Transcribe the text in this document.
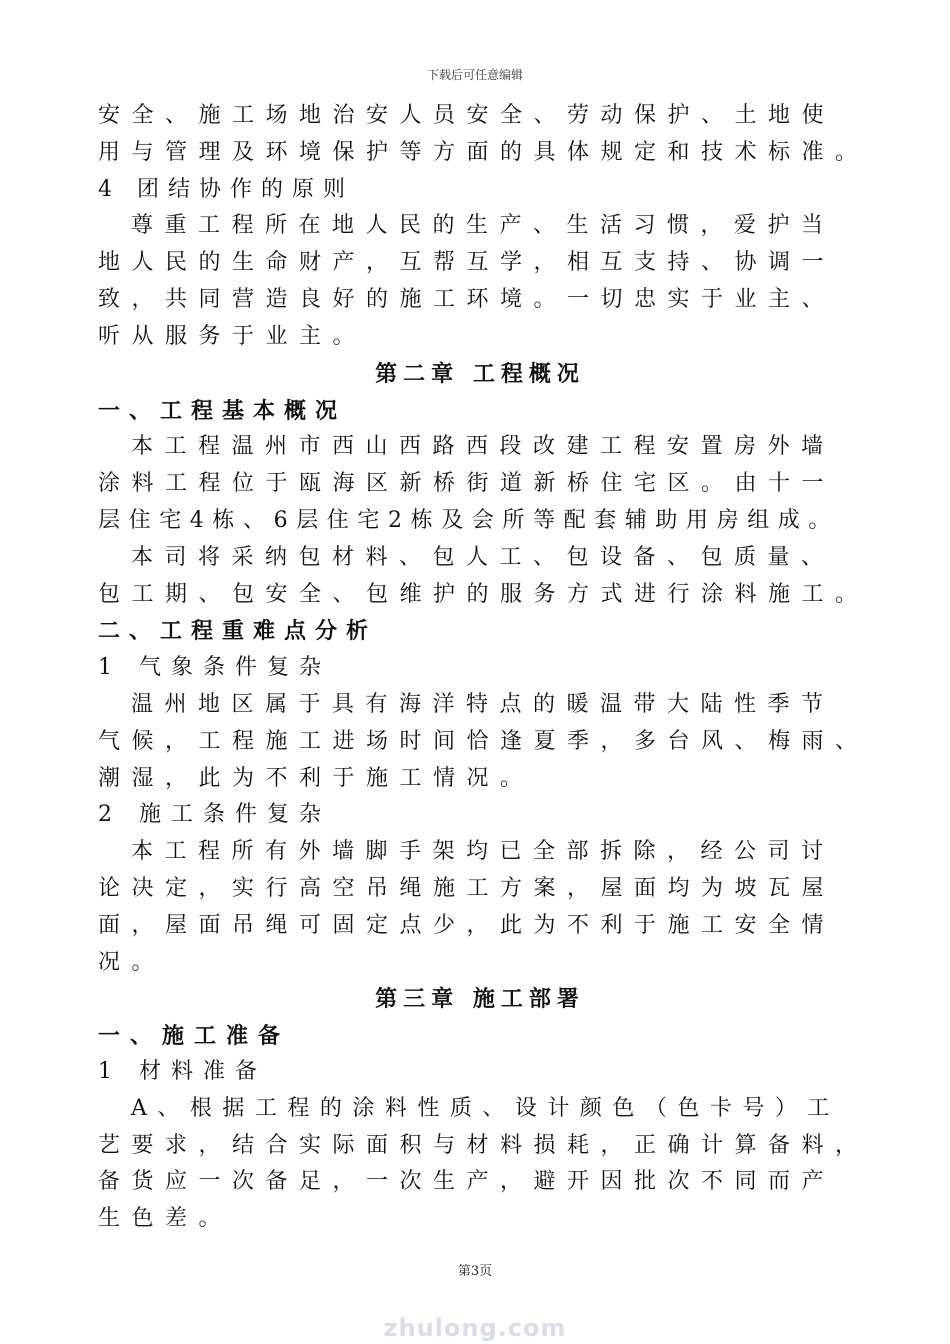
下载后可任意编辑
安全、施工场地治安人员安全、劳动保护、土地使
用与管理及环境保护等方面的具体规定和技术标准。
4 团结协作的原则
尊重工程所在地人民的生产、生活习惯，爱护当
地人民的生命财产，互帮互学，相互支持、协调一
致，共同营造良好的施工环境。一切忠实于业主、
听从服务于业主。
第二章 工程概况
一、工程基本概况
本工程温州市西山西路西段改建工程安置房外墙
涂料工程位于瓯海区新桥街道新桥住宅区。由十一
层住宅4栋、6层住宅2栋及会所等配套辅助用房组成。
本司将采纳包材料、包人工、包设备、包质量、
包工期、包安全、包维护的服务方式进行涂料施工。
二、工程重难点分析
1 气象条件复杂
温州地区属于具有海洋特点的暖温带大陆性季节
气候，工程施工进场时间恰逢夏季，多台风、梅雨、
潮湿，此为不利于施工情况。
2 施工条件复杂
本工程所有外墙脚手架均已全部拆除，经公司讨
论决定，实行高空吊绳施工方案，屋面均为坡瓦屋
面，屋面吊绳可固定点少，此为不利于施工安全情
况。
第三章 施工部署
一、施工准备
1 材料准备
A、根据工程的涂料性质、设计颜色（色卡号）工
艺要求，结合实际面积与材料损耗，正确计算备料，
备货应一次备足，一次生产，避开因批次不同而产
生色差。
第3页
zhulong.com
